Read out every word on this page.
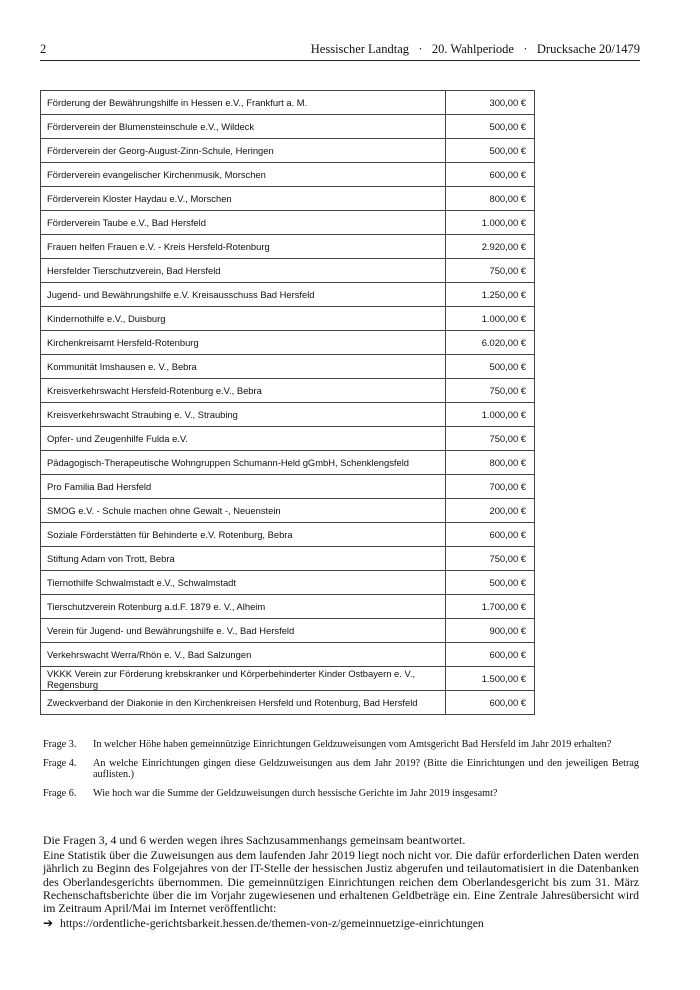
2	Hessischer Landtag   ·   20. Wahlperiode   ·   Drucksache 20/1479
Förderung der Bewährungshilfe in Hessen e.V., Frankfurt a. M.	300,00 €
Förderverein der Blumensteinschule e.V., Wildeck	500,00 €
Förderverein der Georg-August-Zinn-Schule, Heringen	500,00 €
Förderverein evangelischer Kirchenmusik, Morschen	600,00 €
Förderverein Kloster Haydau e.V., Morschen	800,00 €
Förderverein Taube e.V., Bad Hersfeld	1.000,00 €
Frauen helfen Frauen e.V. - Kreis Hersfeld-Rotenburg	2.920,00 €
Hersfelder Tierschutzverein, Bad Hersfeld	750,00 €
Jugend- und Bewährungshilfe e.V. Kreisausschuss Bad Hersfeld	1.250,00 €
Kindernothilfe e.V., Duisburg	1.000,00 €
Kirchenkreisamt Hersfeld-Rotenburg	6.020,00 €
Kommunität Imshausen e. V., Bebra	500,00 €
Kreisverkehrswacht Hersfeld-Rotenburg e.V., Bebra	750,00 €
Kreisverkehrswacht Straubing e. V., Straubing	1.000,00 €
Opfer- und Zeugenhilfe Fulda e.V.	750,00 €
Pädagogisch-Therapeutische Wohngruppen Schumann-Held gGmbH, Schenklengsfeld	800,00 €
Pro Familia Bad Hersfeld	700,00 €
SMOG e.V. - Schule machen ohne Gewalt -, Neuenstein	200,00 €
Soziale Förderstätten für Behinderte e.V. Rotenburg, Bebra	600,00 €
Stiftung Adam von Trott, Bebra	750,00 €
Tiernothilfe Schwalmstadt e.V., Schwalmstadt	500,00 €
Tierschutzverein Rotenburg a.d.F. 1879 e. V., Alheim	1.700,00 €
Verein für Jugend- und Bewährungshilfe e. V., Bad Hersfeld	900,00 €
Verkehrswacht Werra/Rhön e. V., Bad Salzungen	600,00 €
VKKK Verein zur Förderung krebskranker und Körperbehinderter Kinder Ostbayern e. V., Regensburg	1.500,00 €
Zweckverband der Diakonie in den Kirchenkreisen Hersfeld und Rotenburg, Bad Hersfeld	600,00 €
Frage 3.	In welcher Höhe haben gemeinnützige Einrichtungen Geldzuweisungen vom Amtsgericht Bad Hersfeld im Jahr 2019 erhalten?
Frage 4.	An welche Einrichtungen gingen diese Geldzuweisungen aus dem Jahr 2019? (Bitte die Einrichtungen und den jeweiligen Betrag auflisten.)
Frage 6.	Wie hoch war die Summe der Geldzuweisungen durch hessische Gerichte im Jahr 2019 insgesamt?

Die Fragen 3, 4 und 6 werden wegen ihres Sachzusammenhangs gemeinsam beantwortet.

Eine Statistik über die Zuweisungen aus dem laufenden Jahr 2019 liegt noch nicht vor. Die dafür erforderlichen Daten werden jährlich zu Beginn des Folgejahres von der IT-Stelle der hessischen Justiz abgerufen und teilautomatisiert in die Datenbanken des Oberlandesgerichts übernommen. Die gemeinnützigen Einrichtungen reichen dem Oberlandesgericht bis zum 31. März Rechenschaftsberichte über die im Vorjahr zugewiesenen und erhaltenen Geldbeträge ein. Eine Zentrale Jahresübersicht wird im Zeitraum April/Mai im Internet veröffentlicht:

➔ https://ordentliche-gerichtsbarkeit.hessen.de/themen-von-z/gemeinnuetzige-einrichtungen
